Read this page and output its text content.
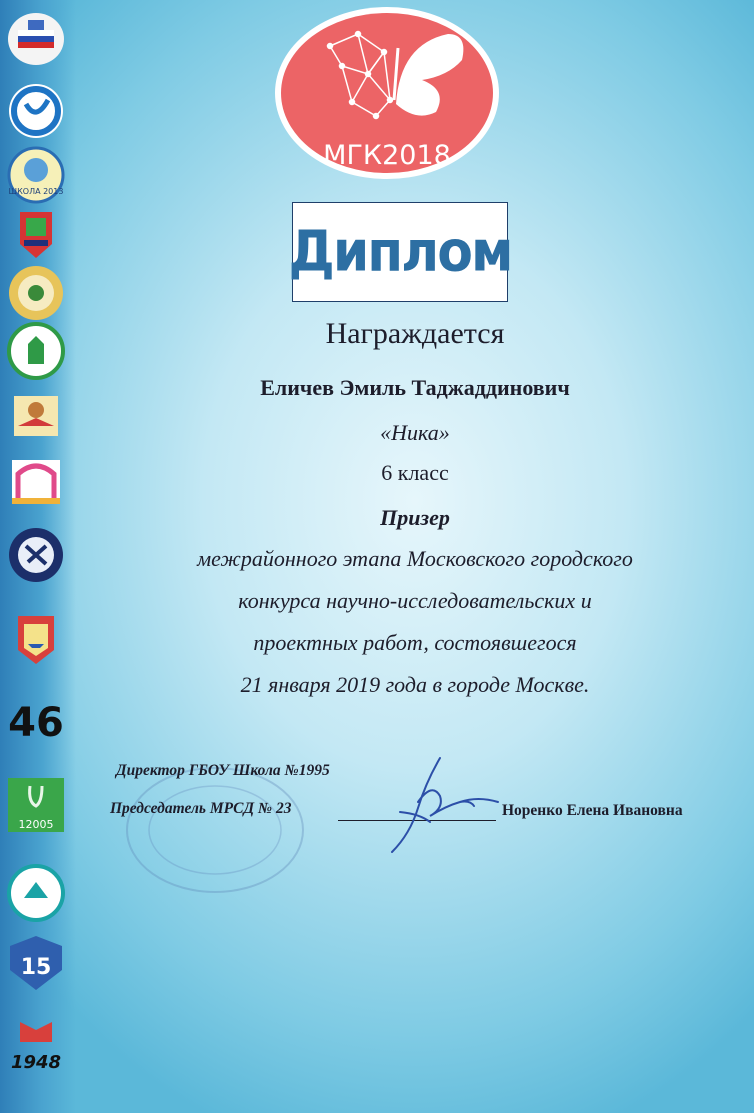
ШКОЛА 2013
46
12005
15
1948
МГК2018
Диплом
Награждается
Еличев Эмиль Таджаддинович
«Ника»
6 класс
Призер
межрайонного этапа Московского городского
конкурса научно-исследовательских и
проектных работ, состоявшегося
21 января 2019 года в городе Москве.
Директор ГБОУ Школа №1995
Председатель МРСД № 23	Норенко Елена Ивановна
